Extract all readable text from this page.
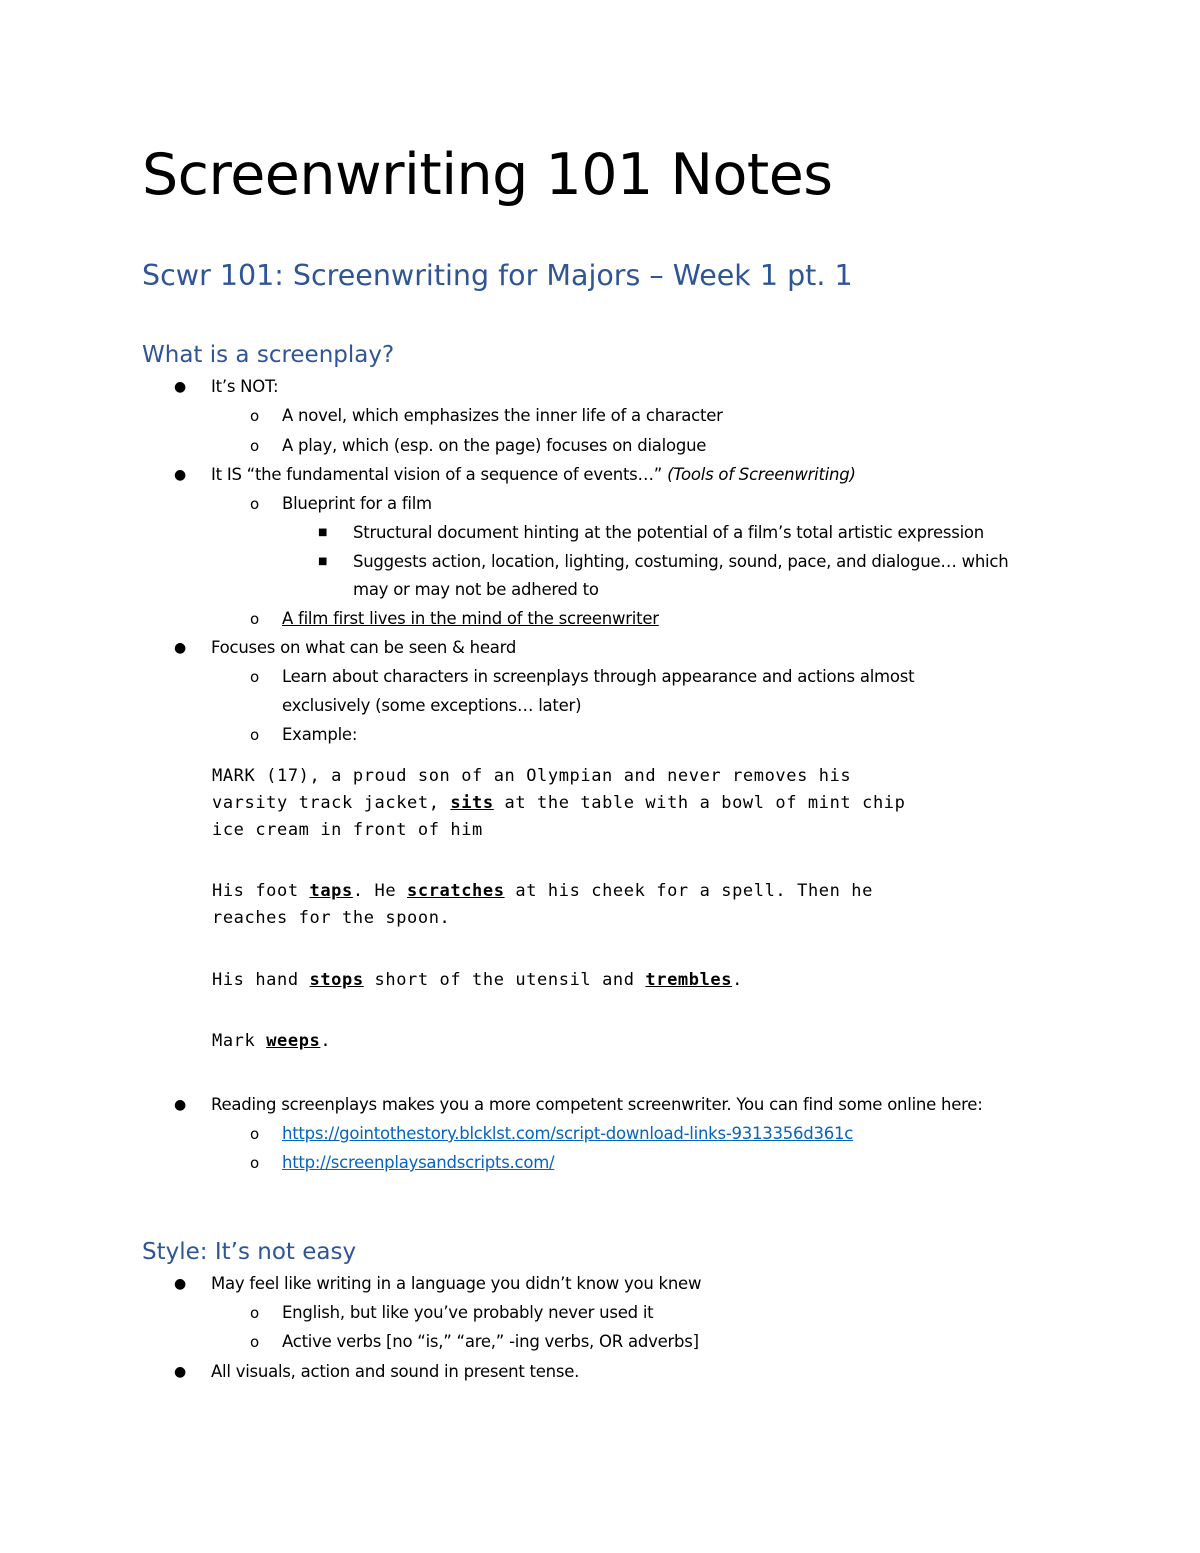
Screenwriting 101 Notes
Scwr 101: Screenwriting for Majors – Week 1 pt. 1
What is a screenplay?
● It’s NOT:
o A novel, which emphasizes the inner life of a character
o A play, which (esp. on the page) focuses on dialogue
● It IS “the fundamental vision of a sequence of events…” (Tools of Screenwriting)
o Blueprint for a film
■ Structural document hinting at the potential of a film’s total artistic expression
■ Suggests action, location, lighting, costuming, sound, pace, and dialogue… which
may or may not be adhered to
o A film first lives in the mind of the screenwriter
● Focuses on what can be seen & heard
o Learn about characters in screenplays through appearance and actions almost
exclusively (some exceptions… later)
o Example:
MARK (17), a proud son of an Olympian and never removes his
varsity track jacket, sits at the table with a bowl of mint chip
ice cream in front of him
His foot taps. He scratches at his cheek for a spell. Then he
reaches for the spoon.
His hand stops short of the utensil and trembles.
Mark weeps.
● Reading screenplays makes you a more competent screenwriter. You can find some online here:
o https://gointothestory.blcklst.com/script-download-links-9313356d361c
o http://screenplaysandscripts.com/
Style: It’s not easy
● May feel like writing in a language you didn’t know you knew
o English, but like you’ve probably never used it
o Active verbs [no “is,” “are,” -ing verbs, OR adverbs]
● All visuals, action and sound in present tense.
